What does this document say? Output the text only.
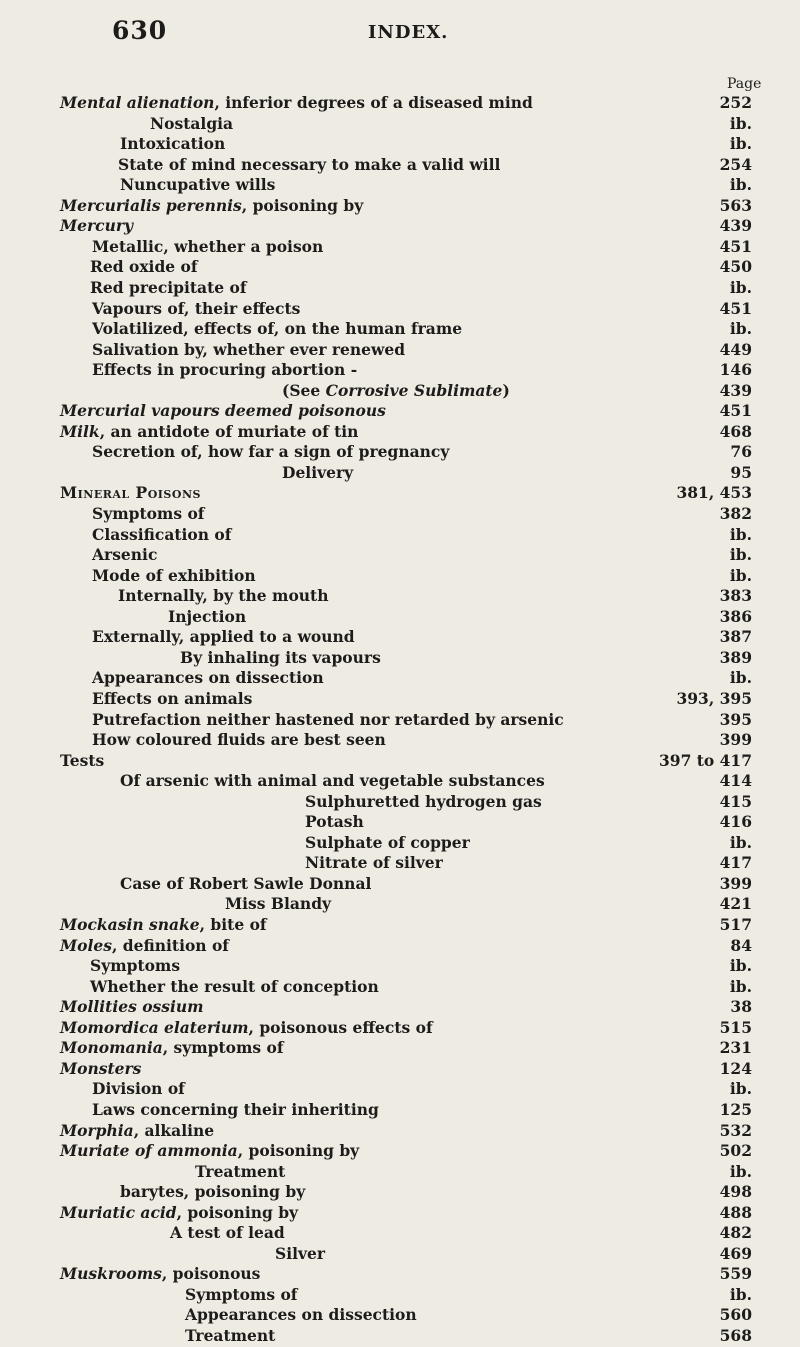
630	INDEX.
Page
Mental alienation, inferior degrees of a diseased mind	252
Nostalgia	ib.
Intoxication	ib.
State of mind necessary to make a valid will	254
Nuncupative wills	ib.
Mercurialis perennis, poisoning by	563
Mercury	439
Metallic, whether a poison	451
Red oxide of	450
Red precipitate of	ib.
Vapours of, their effects	451
Volatilized, effects of, on the human frame	ib.
Salivation by, whether ever renewed	449
Effects in procuring abortion -	146
(See Corrosive Sublimate)	439
Mercurial vapours deemed poisonous	451
Milk, an antidote of muriate of tin	468
Secretion of, how far a sign of pregnancy	76
Delivery	95
Mineral Poisons	381, 453
Symptoms of	382
Classification of	ib.
Arsenic	ib.
Mode of exhibition	ib.
Internally, by the mouth	383
Injection	386
Externally, applied to a wound	387
By inhaling its vapours	389
Appearances on dissection	ib.
Effects on animals	393, 395
Putrefaction neither hastened nor retarded by arsenic	395
How coloured fluids are best seen	399
Tests	397 to 417
Of arsenic with animal and vegetable substances	414
Sulphuretted hydrogen gas	415
Potash	416
Sulphate of copper	ib.
Nitrate of silver	417
Case of Robert Sawle Donnal	399
Miss Blandy	421
Mockasin snake, bite of	517
Moles, definition of	84
Symptoms	ib.
Whether the result of conception	ib.
Mollities ossium	38
Momordica elaterium, poisonous effects of	515
Monomania, symptoms of	231
Monsters	124
Division of	ib.
Laws concerning their inheriting	125
Morphia, alkaline	532
Muriate of ammonia, poisoning by	502
Treatment	ib.
barytes, poisoning by	498
Muriatic acid, poisoning by	488
A test of lead	482
Silver	469
Muskrooms, poisonous	559
Symptoms of	ib.
Appearances on dissection	560
Treatment	568
